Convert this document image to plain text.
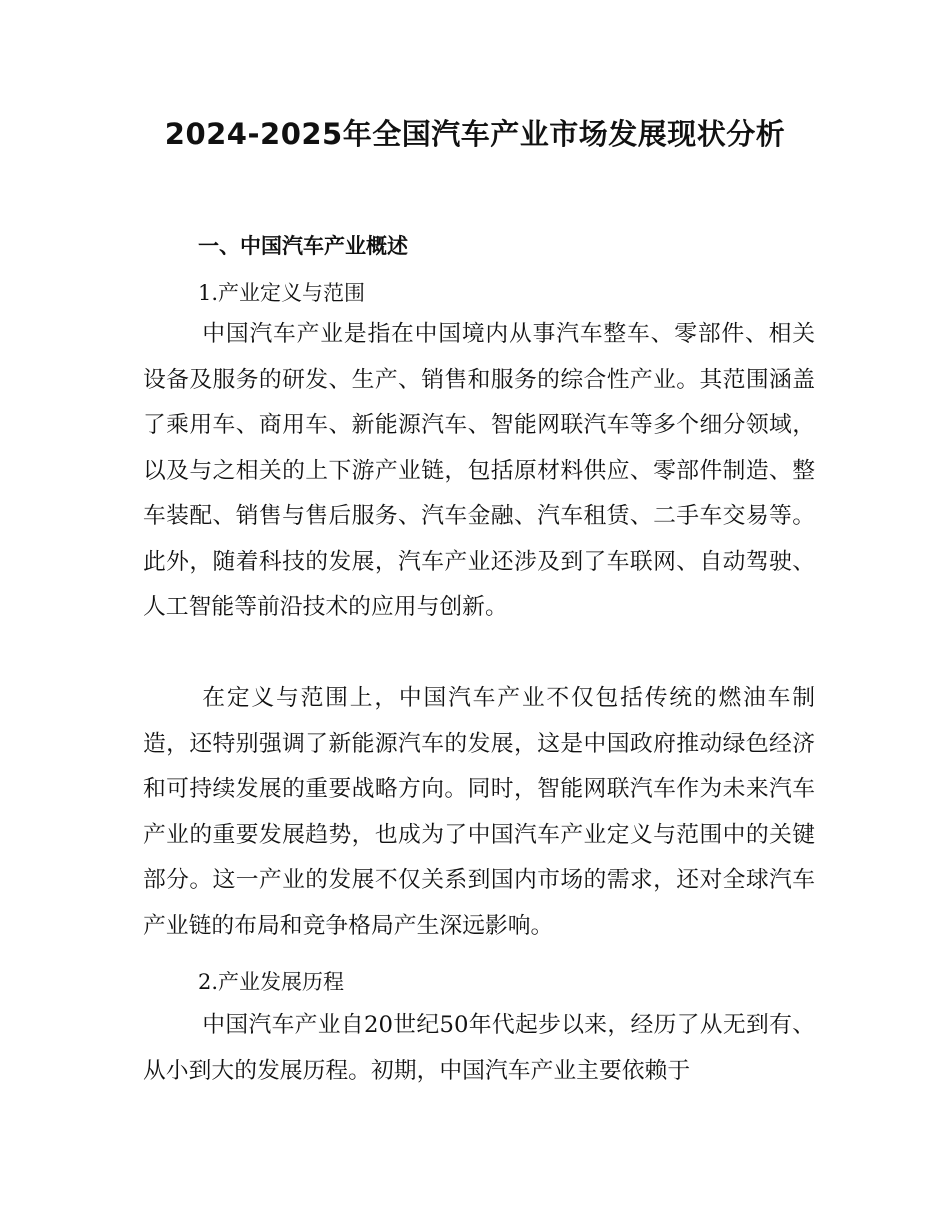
2024-2025年全国汽车产业市场发展现状分析
一、中国汽车产业概述
1.产业定义与范围

中国汽车产业是指在中国境内从事汽车整车、零部件、相关设备及服务的研发、生产、销售和服务的综合性产业。其范围涵盖了乘用车、商用车、新能源汽车、智能网联汽车等多个细分领域，以及与之相关的上下游产业链，包括原材料供应、零部件制造、整车装配、销售与售后服务、汽车金融、汽车租赁、二手车交易等。此外，随着科技的发展，汽车产业还涉及到了车联网、自动驾驶、人工智能等前沿技术的应用与创新。

在定义与范围上，中国汽车产业不仅包括传统的燃油车制造，还特别强调了新能源汽车的发展，这是中国政府推动绿色经济和可持续发展的重要战略方向。同时，智能网联汽车作为未来汽车产业的重要发展趋势，也成为了中国汽车产业定义与范围中的关键部分。这一产业的发展不仅关系到国内市场的需求，还对全球汽车产业链的布局和竞争格局产生深远影响。

2.产业发展历程

中国汽车产业自20世纪50年代起步以来，经历了从无到有、从小到大的发展历程。初期，中国汽车产业主要依赖于
